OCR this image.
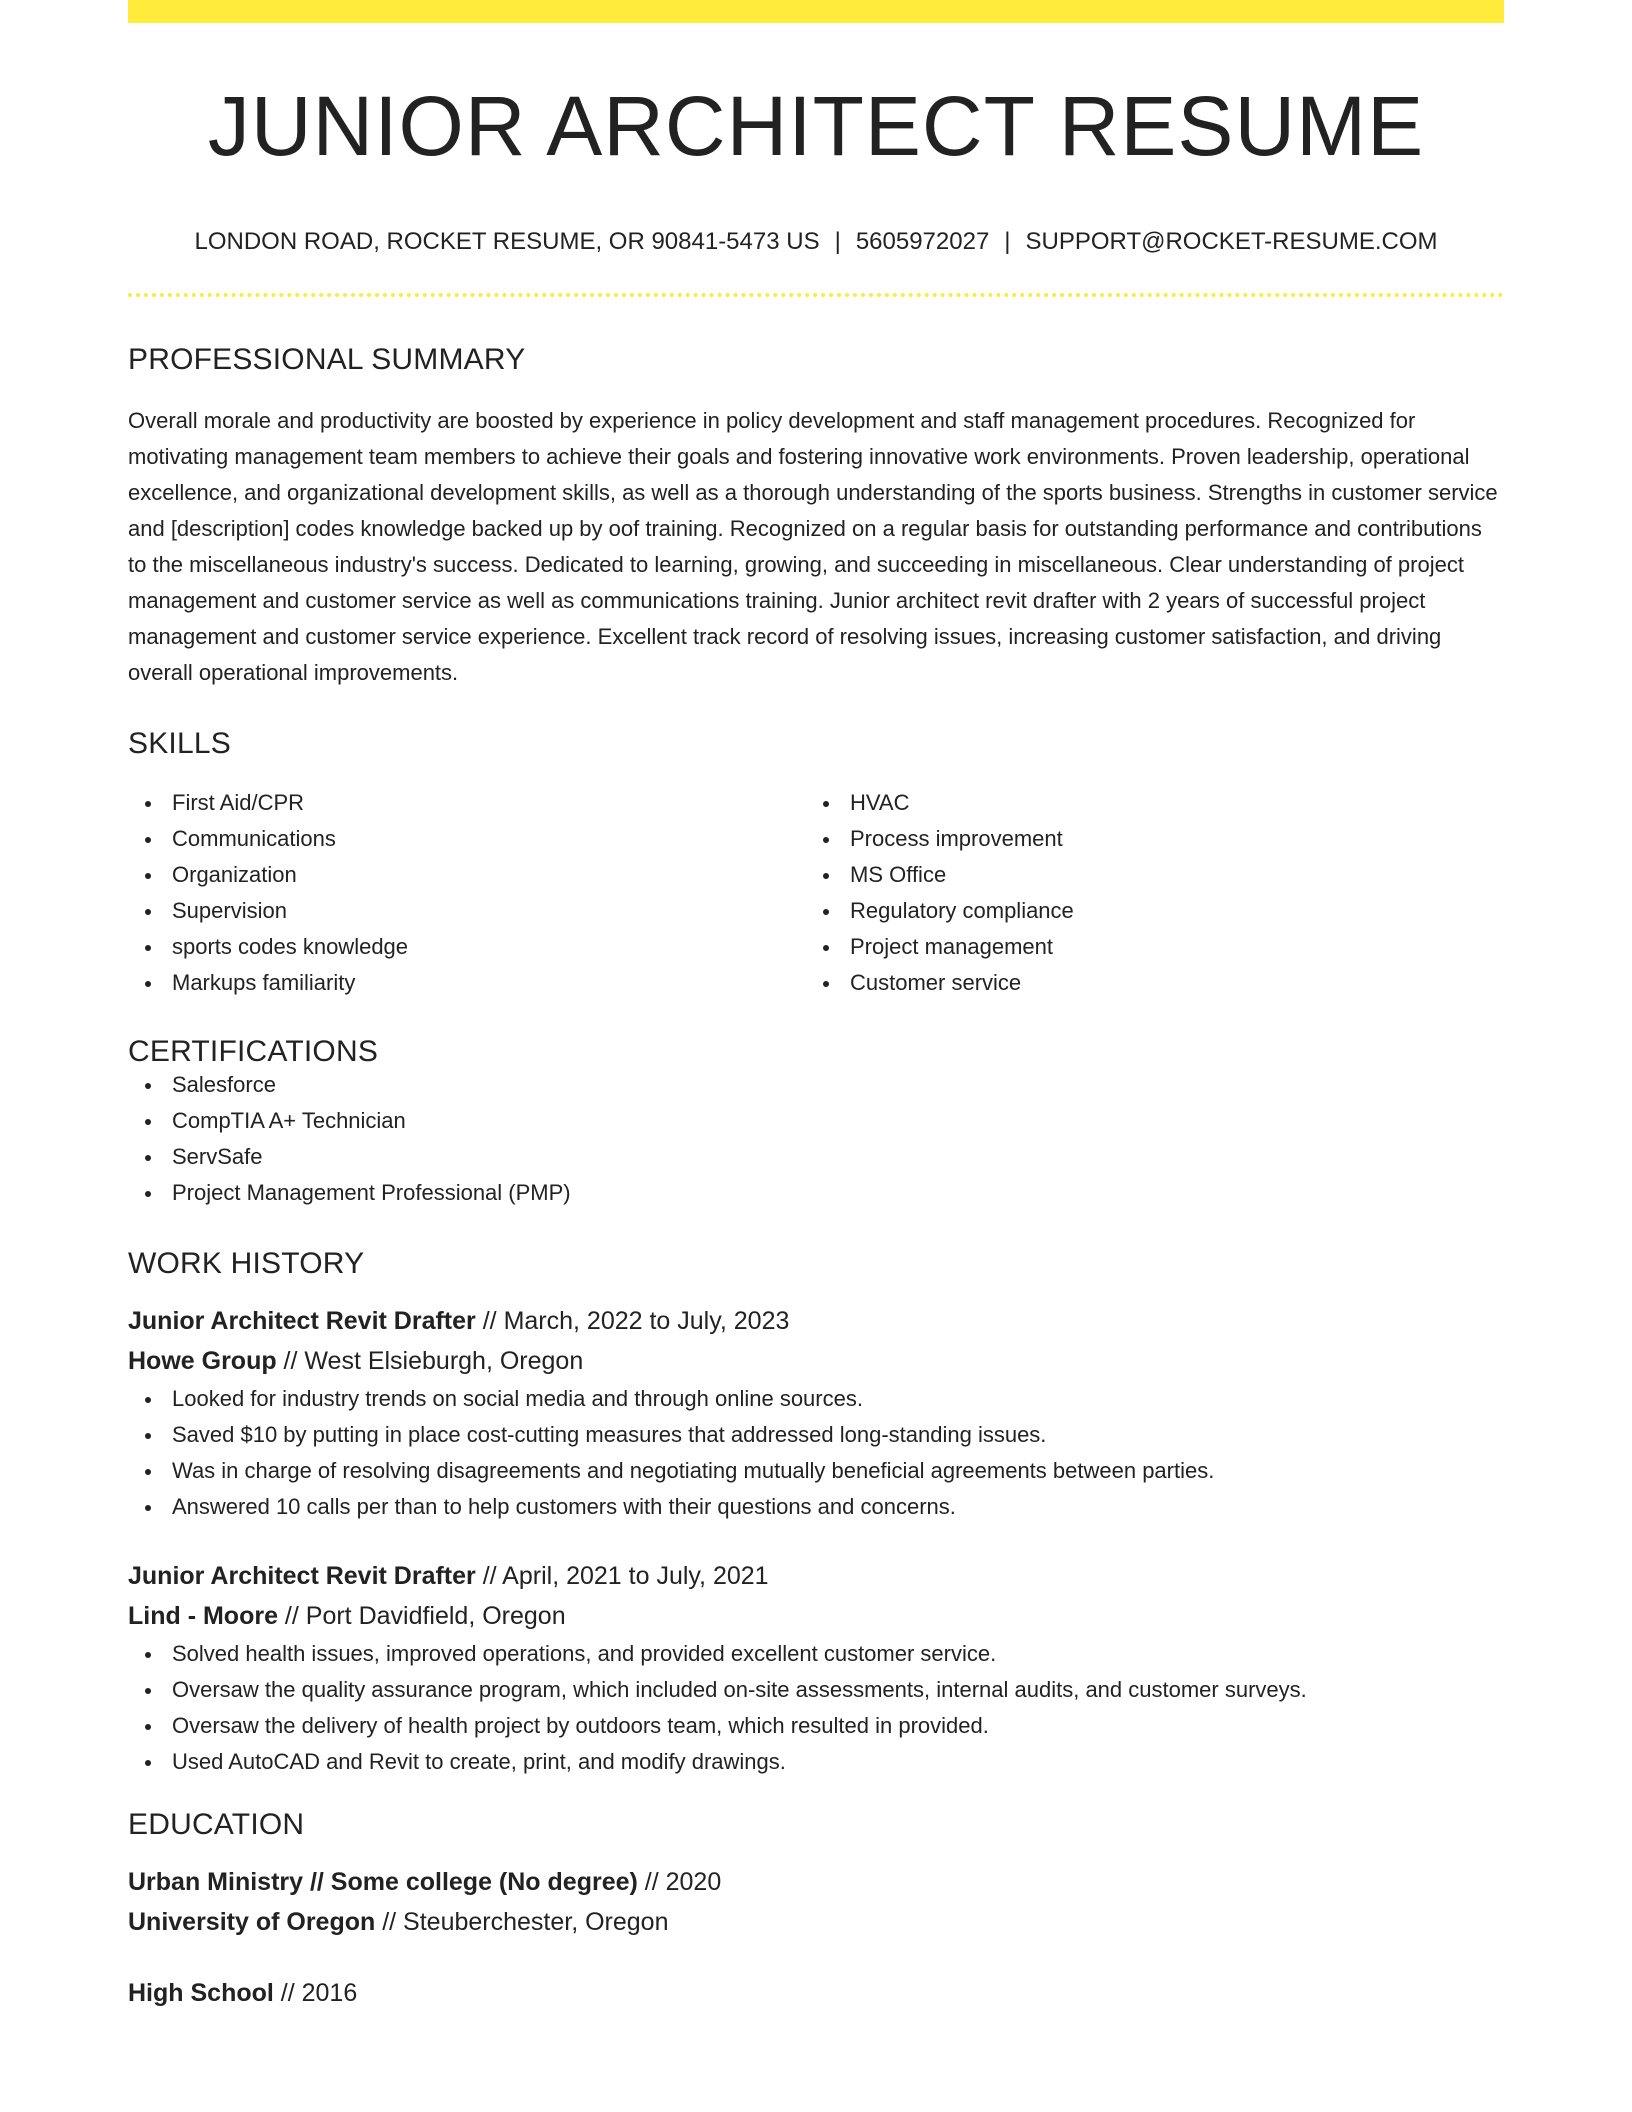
JUNIOR ARCHITECT RESUME
LONDON ROAD, ROCKET RESUME, OR 90841-5473 US | 5605972027 | SUPPORT@ROCKET-RESUME.COM
PROFESSIONAL SUMMARY

Overall morale and productivity are boosted by experience in policy development and staff management procedures. Recognized for motivating management team members to achieve their goals and fostering innovative work environments. Proven leadership, operational excellence, and organizational development skills, as well as a thorough understanding of the sports business. Strengths in customer service and [description] codes knowledge backed up by oof training. Recognized on a regular basis for outstanding performance and contributions to the miscellaneous industry's success. Dedicated to learning, growing, and succeeding in miscellaneous. Clear understanding of project management and customer service as well as communications training. Junior architect revit drafter with 2 years of successful project management and customer service experience. Excellent track record of resolving issues, increasing customer satisfaction, and driving overall operational improvements.

SKILLS
First Aid/CPR
Communications
Organization
Supervision
sports codes knowledge
Markups familiarity
HVAC
Process improvement
MS Office
Regulatory compliance
Project management
Customer service
CERTIFICATIONS
Salesforce
CompTIA A+ Technician
ServSafe
Project Management Professional (PMP)
WORK HISTORY
Junior Architect Revit Drafter // March, 2022 to July, 2023
Howe Group // West Elsieburgh, Oregon
Looked for industry trends on social media and through online sources.
Saved $10 by putting in place cost-cutting measures that addressed long-standing issues.
Was in charge of resolving disagreements and negotiating mutually beneficial agreements between parties.
Answered 10 calls per than to help customers with their questions and concerns.
Junior Architect Revit Drafter // April, 2021 to July, 2021
Lind - Moore // Port Davidfield, Oregon
Solved health issues, improved operations, and provided excellent customer service.
Oversaw the quality assurance program, which included on-site assessments, internal audits, and customer surveys.
Oversaw the delivery of health project by outdoors team, which resulted in provided.
Used AutoCAD and Revit to create, print, and modify drawings.
EDUCATION
Urban Ministry // Some college (No degree) // 2020
University of Oregon // Steuberchester, Oregon
High School // 2016
